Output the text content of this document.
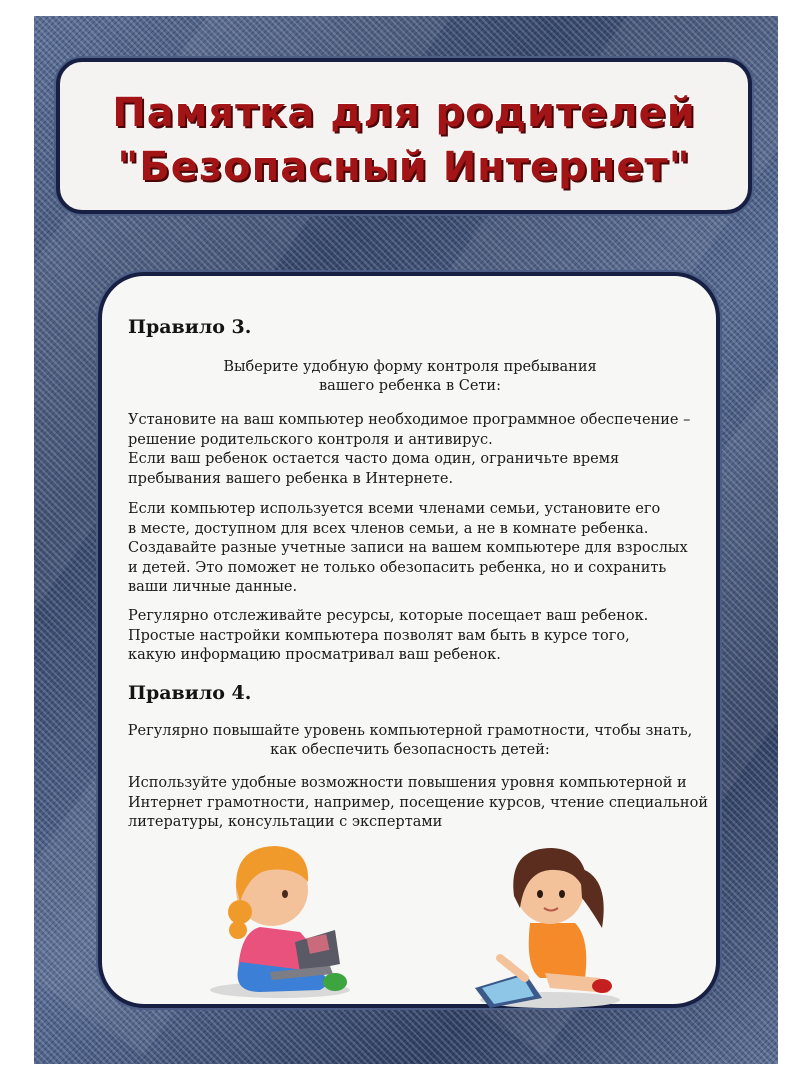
Памятка для родителей
"Безопасный Интернет"
Правило 3.
Выберите удобную форму контроля пребывания
вашего ребенка в Сети:
Установите на ваш компьютер необходимое программное обеспечение –
решение родительского контроля и антивирус.
Если ваш ребенок остается часто дома один, ограничьте время
пребывания вашего ребенка в Интернете.
Если компьютер используется всеми членами семьи, установите его
в месте, доступном для всех членов семьи, а не в комнате ребенка.
Создавайте разные учетные записи на вашем компьютере для взрослых
и детей. Это поможет не только обезопасить ребенка, но и сохранить
ваши личные данные.
Регулярно отслеживайте ресурсы, которые посещает ваш ребенок.
Простые настройки компьютера позволят вам быть в курсе того,
какую информацию просматривал ваш ребенок.
Правило 4.
Регулярно повышайте уровень компьютерной грамотности, чтобы знать,
как обеспечить безопасность детей:
Используйте удобные возможности повышения уровня компьютерной и
Интернет грамотности, например, посещение курсов, чтение специальной
литературы, консультации с экспертами
